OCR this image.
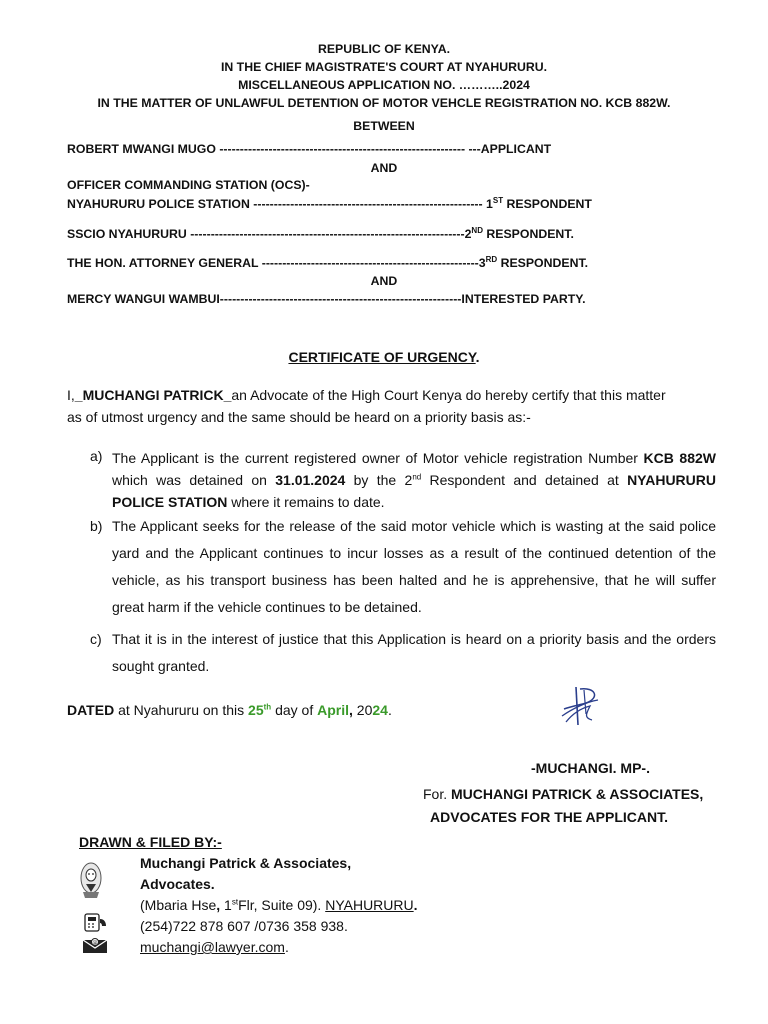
REPUBLIC OF KENYA.
IN THE CHIEF MAGISTRATE'S COURT AT NYAHURURU.
MISCELLANEOUS APPLICATION NO. ………..2024
IN THE MATTER OF UNLAWFUL DETENTION OF MOTOR VEHCLE REGISTRATION NO. KCB 882W.
BETWEEN
ROBERT MWANGI MUGO ------------------------------------------------------------ ---APPLICANT
AND
OFFICER COMMANDING STATION (OCS)-
NYAHURURU POLICE STATION -------------------------------------------------------- 1ST RESPONDENT
SSCIO NYAHURURU -------------------------------------------------------------------2ND RESPONDENT.
THE HON. ATTORNEY GENERAL -----------------------------------------------------3RD RESPONDENT.
AND
MERCY WANGUI WAMBUI-----------------------------------------------------------INTERESTED PARTY.
CERTIFICATE OF URGENCY.
I,_MUCHANGI PATRICK_an Advocate of the High Court Kenya do hereby certify that this matter
as of utmost urgency and the same should be heard on a priority basis as:-
a) The Applicant is the current registered owner of Motor vehicle registration Number KCB 882W which was detained on 31.01.2024 by the 2nd Respondent and detained at NYAHURURU POLICE STATION where it remains to date.
b) The Applicant seeks for the release of the said motor vehicle which is wasting at the said police yard and the Applicant continues to incur losses as a result of the continued detention of the vehicle, as his transport business has been halted and he is apprehensive, that he will suffer great harm if the vehicle continues to be detained.
c) That it is in the interest of justice that this Application is heard on a priority basis and the orders sought granted.
DATED at Nyahururu on this 25th day of April, 2024.
-MUCHANGI. MP-.
For. MUCHANGI PATRICK & ASSOCIATES,
ADVOCATES FOR THE APPLICANT.
DRAWN & FILED BY:-
Muchangi Patrick & Associates,
Advocates.
(Mbaria Hse, 1stFlr, Suite 09). NYAHURURU.
(254)722 878 607 /0736 358 938.
@	muchangi@lawyer.com.
